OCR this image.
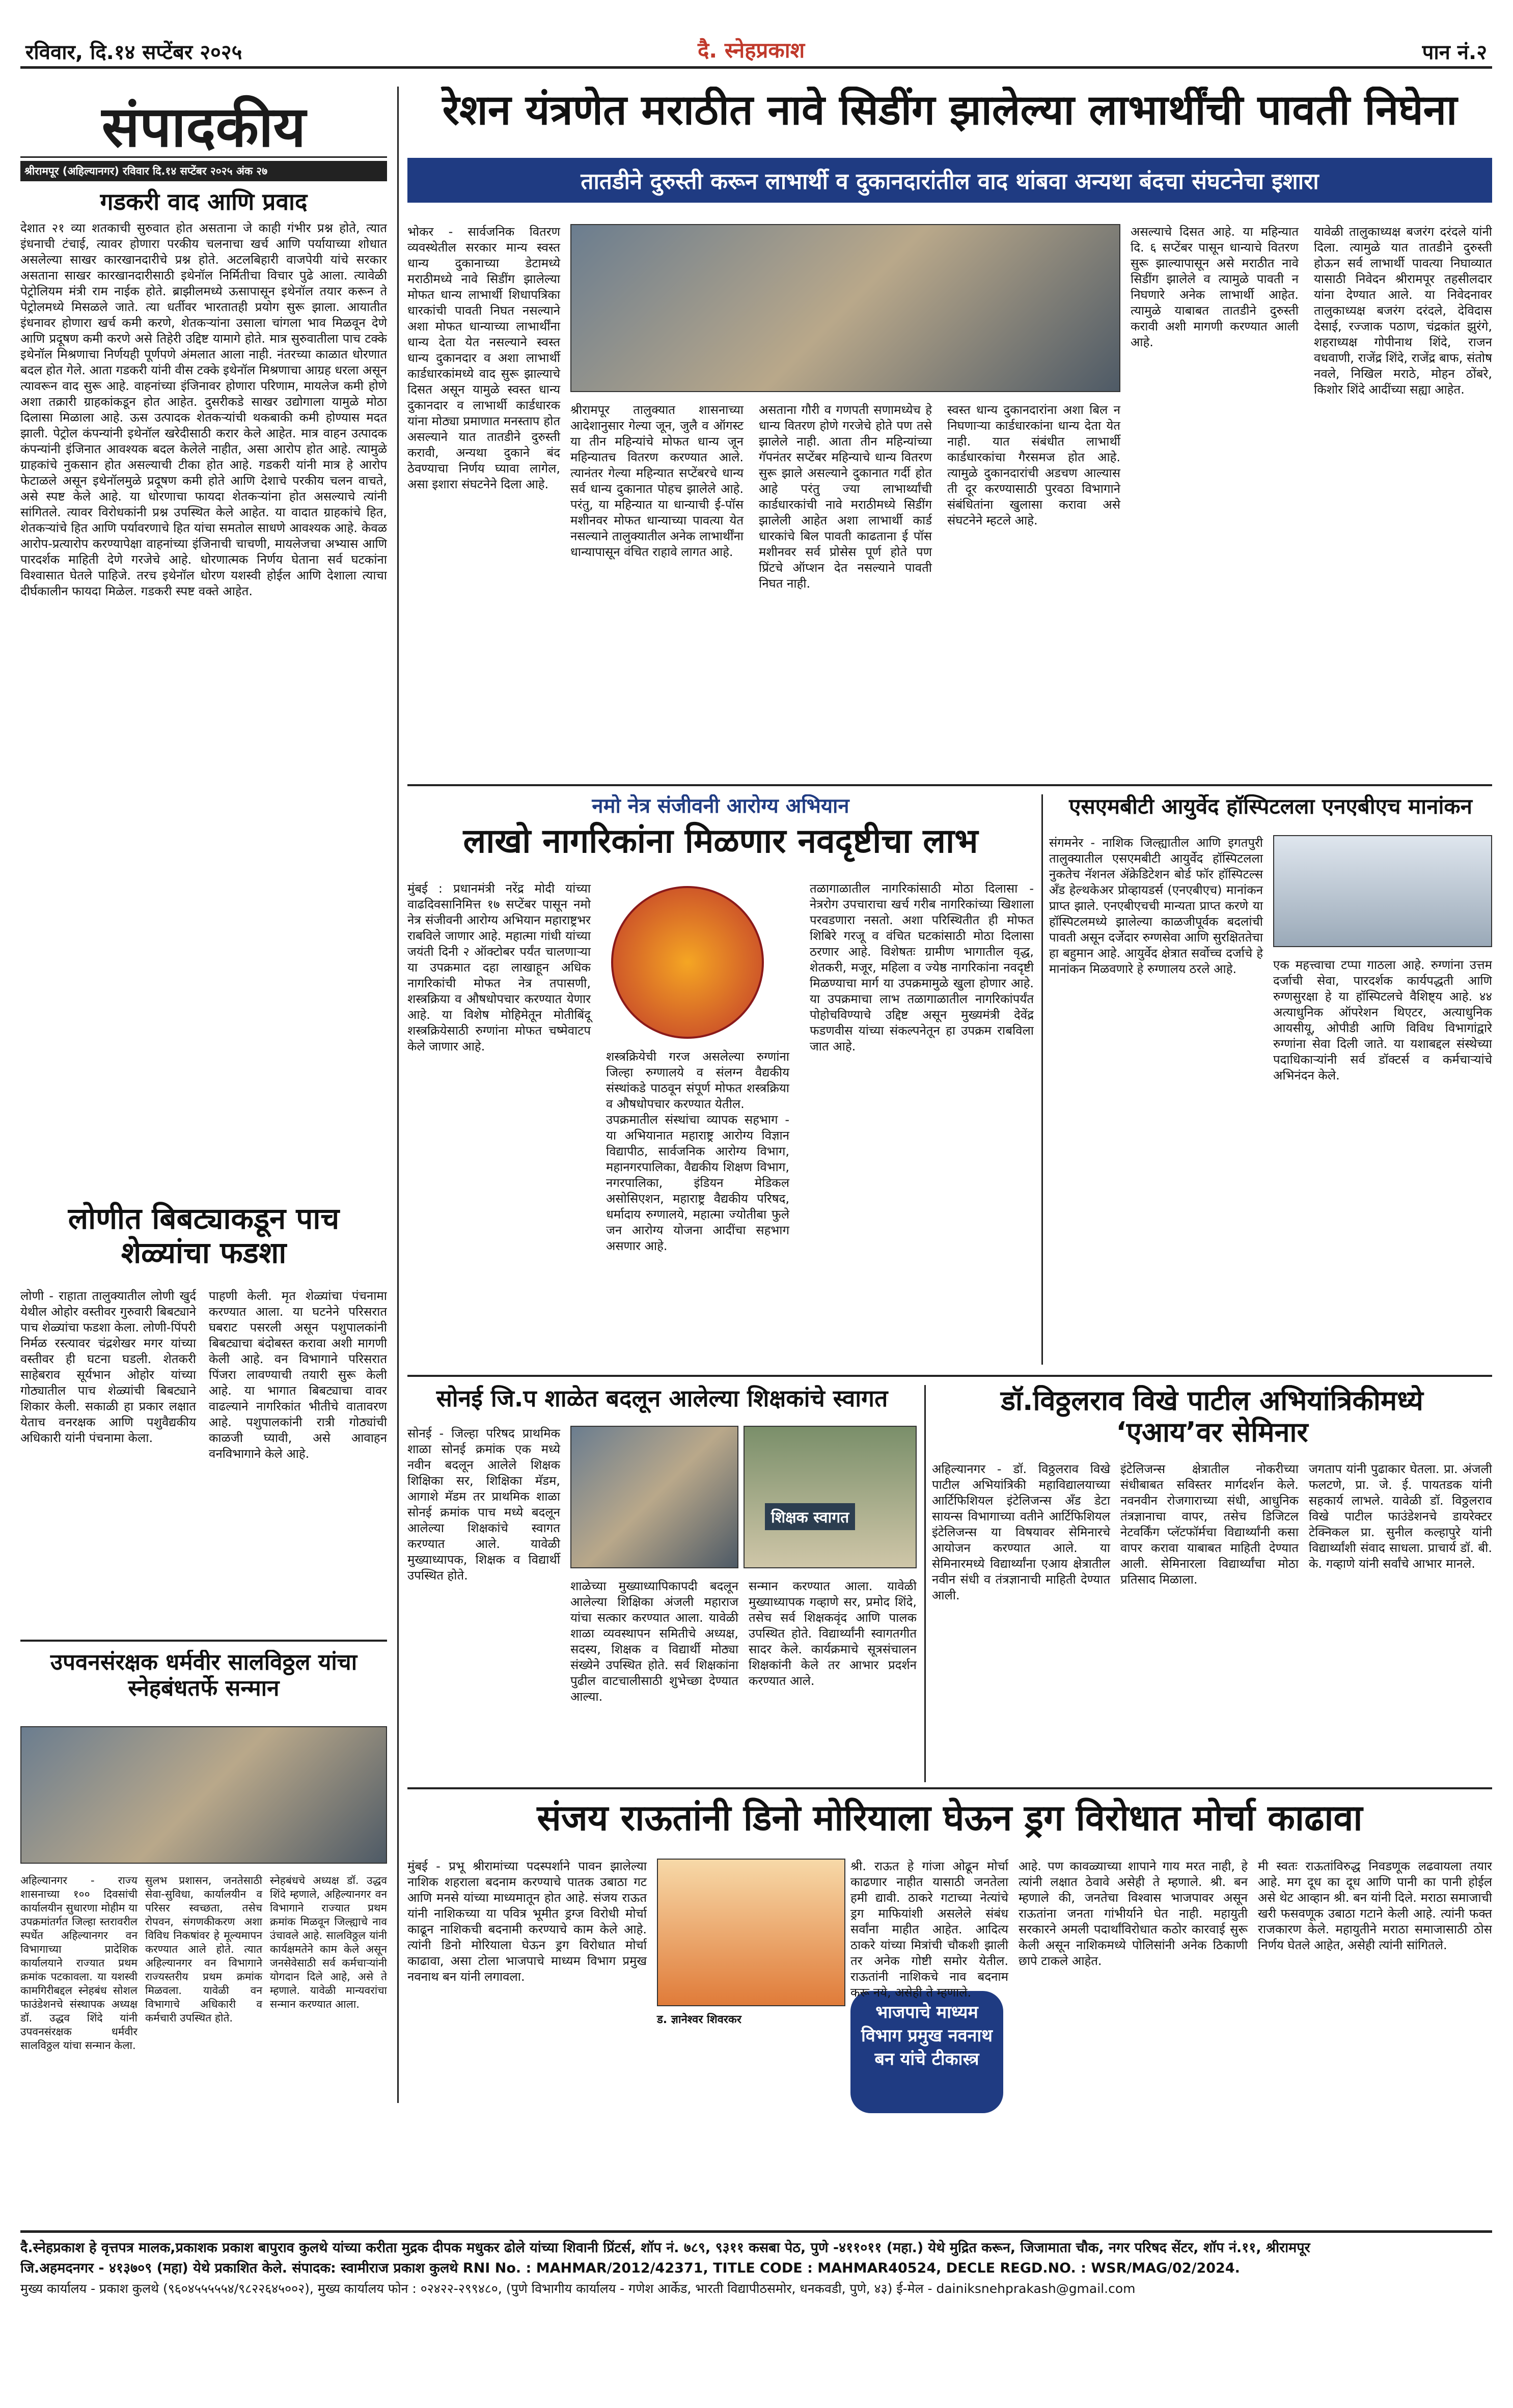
रविवार, दि.१४ सप्टेंबर २०२५	दै. स्नेहप्रकाश	पान नं.२
संपादकीय
श्रीरामपूर (अहिल्यानगर) रविवार दि.१४ सप्टेंबर २०२५ अंक २७
गडकरी वाद आणि प्रवाद
देशात २१ व्या शतकाची सुरुवात होत असताना जे काही गंभीर प्रश्न होते, त्यात इंधनाची टंचाई, त्यावर होणारा परकीय चलनाचा खर्च आणि पर्यायाच्या शोधात असलेल्या साखर कारखानदारीचे प्रश्न होते. अटलबिहारी वाजपेयी यांचे सरकार असताना साखर कारखानदारीसाठी इथेनॉल निर्मितीचा विचार पुढे आला. त्यावेळी पेट्रोलियम मंत्री राम नाईक होते. ब्राझीलमध्ये ऊसापासून इथेनॉल तयार करून ते पेट्रोलमध्ये मिसळले जाते. त्या धर्तीवर भारतातही प्रयोग सुरू झाला. आयातीत इंधनावर होणारा खर्च कमी करणे, शेतकऱ्यांना उसाला चांगला भाव मिळवून देणे आणि प्रदूषण कमी करणे असे तिहेरी उद्दिष्ट यामागे होते. मात्र सुरुवातीला पाच टक्के इथेनॉल मिश्रणाचा निर्णयही पूर्णपणे अंमलात आला नाही. नंतरच्या काळात धोरणात बदल होत गेले. आता गडकरी यांनी वीस टक्के इथेनॉल मिश्रणाचा आग्रह धरला असून त्यावरून वाद सुरू आहे. वाहनांच्या इंजिनावर होणारा परिणाम, मायलेज कमी होणे अशा तक्रारी ग्राहकांकडून होत आहेत. दुसरीकडे साखर उद्योगाला यामुळे मोठा दिलासा मिळाला आहे. ऊस उत्पादक शेतकऱ्यांची थकबाकी कमी होण्यास मदत झाली. पेट्रोल कंपन्यांनी इथेनॉल खरेदीसाठी करार केले आहेत. मात्र वाहन उत्पादक कंपन्यांनी इंजिनात आवश्यक बदल केलेले नाहीत, असा आरोप होत आहे. त्यामुळे ग्राहकांचे नुकसान होत असल्याची टीका होत आहे. गडकरी यांनी मात्र हे आरोप फेटाळले असून इथेनॉलमुळे प्रदूषण कमी होते आणि देशाचे परकीय चलन वाचते, असे स्पष्ट केले आहे. या धोरणाचा फायदा शेतकऱ्यांना होत असल्याचे त्यांनी सांगितले. त्यावर विरोधकांनी प्रश्न उपस्थित केले आहेत. या वादात ग्राहकांचे हित, शेतकऱ्यांचे हित आणि पर्यावरणाचे हित यांचा समतोल साधणे आवश्यक आहे. केवळ आरोप-प्रत्यारोप करण्यापेक्षा वाहनांच्या इंजिनाची चाचणी, मायलेजचा अभ्यास आणि पारदर्शक माहिती देणे गरजेचे आहे. धोरणात्मक निर्णय घेताना सर्व घटकांना विश्वासात घेतले पाहिजे. तरच इथेनॉल धोरण यशस्वी होईल आणि देशाला त्याचा दीर्घकालीन फायदा मिळेल. गडकरी स्पष्ट वक्ते आहेत.
रेशन यंत्रणेत मराठीत नावे सिडींग झालेल्या लाभार्थींची पावती निघेना
तातडीने दुरुस्ती करून लाभार्थी व दुकानदारांतील वाद थांबवा अन्यथा बंदचा संघटनेचा इशारा
भोकर - सार्वजनिक वितरण व्यवस्थेतील सरकार मान्य स्वस्त धान्य दुकानाच्या डेटामध्ये मराठीमध्ये नावे सिडींग झालेल्या मोफत धान्य लाभार्थी शिधापत्रिका धारकांची पावती निघत नसल्याने अशा मोफत धान्याच्या लाभार्थींना धान्य देता येत नसल्याने स्वस्त धान्य दुकानदार व अशा लाभार्थी कार्डधारकांमध्ये वाद सुरू झाल्याचे दिसत असून यामुळे स्वस्त धान्य दुकानदार व लाभार्थी कार्डधारक यांना मोठ्या प्रमाणात मनस्ताप होत असल्याने यात तातडीने दुरुस्ती करावी, अन्यथा दुकाने बंद ठेवण्याचा निर्णय घ्यावा लागेल, असा इशारा संघटनेने दिला आहे.
श्रीरामपूर तालुक्यात शासनाच्या आदेशानुसार गेल्या जून, जुलै व ऑगस्ट या तीन महिन्यांचे मोफत धान्य जून महिन्यातच वितरण करण्यात आले. त्यानंतर गेल्या महिन्यात सप्टेंबरचे धान्य सर्व धान्य दुकानात पोहच झालेले आहे. परंतु, या महिन्यात या धान्याची ई-पॉस मशीनवर मोफत धान्याच्या पावत्या येत नसल्याने तालुक्यातील अनेक लाभार्थींना धान्यापासून वंचित राहावे लागत आहे.
असताना गौरी व गणपती सणामध्येच हे धान्य वितरण होणे गरजेचे होते पण तसे झालेले नाही. आता तीन महिन्यांच्या गॅपनंतर सप्टेंबर महिन्याचे धान्य वितरण सुरू झाले असल्याने दुकानात गर्दी होत आहे परंतु ज्या लाभार्थ्यांची कार्डधारकांची नावे मराठीमध्ये सिडींग झालेली आहेत अशा लाभार्थी कार्ड धारकांचे बिल पावती काढताना ई पॉस मशीनवर सर्व प्रोसेस पूर्ण होते पण प्रिंटचे ऑप्शन देत नसल्याने पावती निघत नाही.
स्वस्त धान्य दुकानदारांना अशा बिल न निघणाऱ्या कार्डधारकांना धान्य देता येत नाही. यात संबंधीत लाभार्थी कार्डधारकांचा गैरसमज होत आहे. त्यामुळे दुकानदारांची अडचण आल्यास ती दूर करण्यासाठी पुरवठा विभागाने संबंधितांना खुलासा करावा असे संघटनेने म्हटले आहे.
असल्याचे दिसत आहे. या महिन्यात दि. ६ सप्टेंबर पासून धान्याचे वितरण सुरू झाल्यापासून असे मराठीत नावे सिडींग झालेले व त्यामुळे पावती न निघणारे अनेक लाभार्थी आहेत. त्यामुळे याबाबत तातडीने दुरुस्ती करावी अशी मागणी करण्यात आली आहे.
यावेळी तालुकाध्यक्ष बजरंग दरंदले यांनी दिला. त्यामुळे यात तातडीने दुरुस्ती होऊन सर्व लाभार्थी पावत्या निघाव्यात यासाठी निवेदन श्रीरामपूर तहसीलदार यांना देण्यात आले. या निवेदनावर तालुकाध्यक्ष बजरंग दरंदले, देविदास देसाई, रज्जाक पठाण, चंद्रकांत झुरंगे, शहराध्यक्ष गोपीनाथ शिंदे, राजन वधवाणी, राजेंद्र शिंदे, राजेंद्र बाफ, संतोष नवले, निखिल मराठे, मोहन ठोंबरे, किशोर शिंदे आदींच्या सह्या आहेत.
नमो नेत्र संजीवनी आरोग्य अभियान
लाखो नागरिकांना मिळणार नवदृष्टीचा लाभ
मुंबई : प्रधानमंत्री नरेंद्र मोदी यांच्या वाढदिवसानिमित्त १७ सप्टेंबर पासून नमो नेत्र संजीवनी आरोग्य अभियान महाराष्ट्रभर राबविले जाणार आहे. महात्मा गांधी यांच्या जयंती दिनी २ ऑक्टोबर पर्यंत चालणाऱ्या या उपक्रमात दहा लाखाहून अधिक नागरिकांची मोफत नेत्र तपासणी, शस्त्रक्रिया व औषधोपचार करण्यात येणार आहे. या विशेष मोहिमेतून मोतीबिंदू शस्त्रक्रियेसाठी रुग्णांना मोफत चष्मेवाटप केले जाणार आहे.
शस्त्रक्रियेची गरज असलेल्या रुग्णांना जिल्हा रुग्णालये व संलग्न वैद्यकीय संस्थांकडे पाठवून संपूर्ण मोफत शस्त्रक्रिया व औषधोपचार करण्यात येतील.
उपक्रमातील संस्थांचा व्यापक सहभाग - या अभियानात महाराष्ट्र आरोग्य विज्ञान विद्यापीठ, सार्वजनिक आरोग्य विभाग, महानगरपालिका, वैद्यकीय शिक्षण विभाग, नगरपालिका, इंडियन मेडिकल असोसिएशन, महाराष्ट्र वैद्यकीय परिषद, धर्मादाय रुग्णालये, महात्मा ज्योतीबा फुले जन आरोग्य योजना आदींचा सहभाग असणार आहे.
तळागाळातील नागरिकांसाठी मोठा दिलासा - नेत्ररोग उपचाराचा खर्च गरीब नागरिकांच्या खिशाला परवडणारा नसतो. अशा परिस्थितीत ही मोफत शिबिरे गरजू व वंचित घटकांसाठी मोठा दिलासा ठरणार आहे. विशेषतः ग्रामीण भागातील वृद्ध, शेतकरी, मजूर, महिला व ज्येष्ठ नागरिकांना नवदृष्टी मिळण्याचा मार्ग या उपक्रमामुळे खुला होणार आहे. या उपक्रमाचा लाभ तळागाळातील नागरिकांपर्यंत पोहोचविण्याचे उद्दिष्ट असून मुख्यमंत्री देवेंद्र फडणवीस यांच्या संकल्पनेतून हा उपक्रम राबविला जात आहे.
एसएमबीटी आयुर्वेद हॉस्पिटलला एनएबीएच मानांकन
संगमनेर - नाशिक जिल्ह्यातील आणि इगतपुरी तालुक्यातील एसएमबीटी आयुर्वेद हॉस्पिटलला नुकतेच नॅशनल ॲक्रेडिटेशन बोर्ड फॉर हॉस्पिटल्स अँड हेल्थकेअर प्रोव्हायडर्स (एनएबीएच) मानांकन प्राप्त झाले. एनएबीएचची मान्यता प्राप्त करणे या हॉस्पिटलमध्ये झालेल्या काळजीपूर्वक बदलांची पावती असून दर्जेदार रुग्णसेवा आणि सुरक्षिततेचा हा बहुमान आहे. आयुर्वेद क्षेत्रात सर्वोच्च दर्जाचे हे मानांकन मिळवणारे हे रुग्णालय ठरले आहे.	एक महत्त्वाचा टप्पा गाठला आहे. रुग्णांना उत्तम दर्जाची सेवा, पारदर्शक कार्यपद्धती आणि रुग्णसुरक्षा हे या हॉस्पिटलचे वैशिष्ट्य आहे. ४४ अत्याधुनिक ऑपरेशन थिएटर, अत्याधुनिक आयसीयू, ओपीडी आणि विविध विभागांद्वारे रुग्णांना सेवा दिली जाते. या यशाबद्दल संस्थेच्या पदाधिकाऱ्यांनी सर्व डॉक्टर्स व कर्मचाऱ्यांचे अभिनंदन केले.
लोणीत बिबट्याकडून पाच शेळ्यांचा फडशा
लोणी - राहाता तालुक्यातील लोणी खुर्द येथील ओहोर वस्तीवर गुरुवारी बिबट्याने पाच शेळ्यांचा फडशा केला. लोणी-पिंपरी निर्मळ रस्त्यावर चंद्रशेखर मगर यांच्या वस्तीवर ही घटना घडली. शेतकरी साहेबराव सूर्यभान ओहोर यांच्या गोठ्यातील पाच शेळ्यांची बिबट्याने शिकार केली. सकाळी हा प्रकार लक्षात येताच वनरक्षक आणि पशुवैद्यकीय अधिकारी यांनी पंचनामा केला.
पाहणी केली. मृत शेळ्यांचा पंचनामा करण्यात आला. या घटनेने परिसरात घबराट पसरली असून पशुपालकांनी बिबट्याचा बंदोबस्त करावा अशी मागणी केली आहे. वन विभागाने परिसरात पिंजरा लावण्याची तयारी सुरू केली आहे. या भागात बिबट्याचा वावर वाढल्याने नागरिकांत भीतीचे वातावरण आहे. पशुपालकांनी रात्री गोठ्यांची काळजी घ्यावी, असे आवाहन वनविभागाने केले आहे.
उपवनसंरक्षक धर्मवीर सालविठ्ठल यांचा स्नेहबंधतर्फे सन्मान
अहिल्यानगर - राज्य शासनाच्या १०० दिवसांची कार्यालयीन सुधारणा मोहीम या उपक्रमांतर्गत जिल्हा स्तरावरील स्पर्धेत अहिल्यानगर वन विभागाच्या प्रादेशिक कार्यालयाने राज्यात प्रथम क्रमांक पटकावला. या यशस्वी कामगिरीबद्दल स्नेहबंध सोशल फाउंडेशनचे संस्थापक अध्यक्ष डॉ. उद्धव शिंदे यांनी उपवनसंरक्षक धर्मवीर सालविठ्ठल यांचा सन्मान केला.
सुलभ प्रशासन, जनतेसाठी सेवा-सुविधा, कार्यालयीन व परिसर स्वच्छता, तसेच रोपवन, संगणकीकरण अशा विविध निकषांवर हे मूल्यमापन करण्यात आले होते. त्यात अहिल्यानगर वन विभागाने राज्यस्तरीय प्रथम क्रमांक मिळवला. यावेळी वन विभागाचे अधिकारी व कर्मचारी उपस्थित होते.
स्नेहबंधचे अध्यक्ष डॉ. उद्धव शिंदे म्हणाले, अहिल्यानगर वन विभागाने राज्यात प्रथम क्रमांक मिळवून जिल्ह्याचे नाव उंचावले आहे. सालविठ्ठल यांनी कार्यक्षमतेने काम केले असून जनसेवेसाठी सर्व कर्मचाऱ्यांनी योगदान दिले आहे, असे ते म्हणाले. यावेळी मान्यवरांचा सन्मान करण्यात आला.
सोनई जि.प शाळेत बदलून आलेल्या शिक्षकांचे स्वागत
सोनई - जिल्हा परिषद प्राथमिक शाळा सोनई क्रमांक एक मध्ये नवीन बदलून आलेले शिक्षक शिक्षिका सर, शिक्षिका मॅडम, आगाशे मॅडम तर प्राथमिक शाळा सोनई क्रमांक पाच मध्ये बदलून आलेल्या शिक्षकांचे स्वागत करण्यात आले. यावेळी मुख्याध्यापक, शिक्षक व विद्यार्थी उपस्थित होते.
शिक्षक स्वागत
शाळेच्या मुख्याध्यापिकापदी बदलून आलेल्या शिक्षिका अंजली महाराज यांचा सत्कार करण्यात आला. यावेळी शाळा व्यवस्थापन समितीचे अध्यक्ष, सदस्य, शिक्षक व विद्यार्थी मोठ्या संख्येने उपस्थित होते. सर्व शिक्षकांना पुढील वाटचालीसाठी शुभेच्छा देण्यात आल्या.
सन्मान करण्यात आला. यावेळी मुख्याध्यापक गव्हाणे सर, प्रमोद शिंदे, तसेच सर्व शिक्षकवृंद आणि पालक उपस्थित होते. विद्यार्थ्यांनी स्वागतगीत सादर केले. कार्यक्रमाचे सूत्रसंचालन शिक्षकांनी केले तर आभार प्रदर्शन करण्यात आले.
डॉ.विठ्ठलराव विखे पाटील अभियांत्रिकीमध्ये ‘एआय’वर सेमिनार
अहिल्यानगर - डॉ. विठ्ठलराव विखे पाटील अभियांत्रिकी महाविद्यालयाच्या आर्टिफिशियल इंटेलिजन्स अँड डेटा सायन्स विभागाच्या वतीने आर्टिफिशियल इंटेलिजन्स या विषयावर सेमिनारचे आयोजन करण्यात आले. या सेमिनारमध्ये विद्यार्थ्यांना एआय क्षेत्रातील नवीन संधी व तंत्रज्ञानाची माहिती देण्यात आली.
इंटेलिजन्स क्षेत्रातील नोकरीच्या संधीबाबत सविस्तर मार्गदर्शन केले. नवनवीन रोजगाराच्या संधी, आधुनिक तंत्रज्ञानाचा वापर, तसेच डिजिटल नेटवर्किंग प्लॅटफॉर्मचा विद्यार्थ्यांनी कसा वापर करावा याबाबत माहिती देण्यात आली. सेमिनारला विद्यार्थ्यांचा मोठा प्रतिसाद मिळाला.
जगताप यांनी पुढाकार घेतला. प्रा. अंजली फलटणे, प्रा. जे. ई. पायतडक यांनी सहकार्य लाभले. यावेळी डॉ. विठ्ठलराव विखे पाटील फाउंडेशनचे डायरेक्टर टेक्निकल प्रा. सुनील कल्हापुरे यांनी विद्यार्थ्यांशी संवाद साधला. प्राचार्य डॉ. बी. के. गव्हाणे यांनी सर्वांचे आभार मानले.
संजय राऊतांनी डिनो मोरियाला घेऊन ड्रग विरोधात मोर्चा काढावा
मुंबई - प्रभू श्रीरामांच्या पदस्पर्शाने पावन झालेल्या नाशिक शहराला बदनाम करण्याचे पातक उबाठा गट आणि मनसे यांच्या माध्यमातून होत आहे. संजय राऊत यांनी नाशिकच्या या पवित्र भूमीत ड्रग्ज विरोधी मोर्चा काढून नाशिकची बदनामी करण्याचे काम केले आहे. त्यांनी डिनो मोरियाला घेऊन ड्रग विरोधात मोर्चा काढावा, असा टोला भाजपाचे माध्यम विभाग प्रमुख नवनाथ बन यांनी लगावला.
ड. ज्ञानेश्वर शिवरकर	भाजपाचे माध्यम विभाग प्रमुख नवनाथ बन यांचे टीकास्त्र
श्री. राऊत हे गांजा ओढून मोर्चा काढणार नाहीत यासाठी जनतेला हमी द्यावी. ठाकरे गटाच्या नेत्यांचे ड्रग माफियांशी असलेले संबंध सर्वांना माहीत आहेत. आदित्य ठाकरे यांच्या मित्रांची चौकशी झाली तर अनेक गोष्टी समोर येतील. राऊतांनी नाशिकचे नाव बदनाम करू नये, असेही ते म्हणाले.
आहे. पण कावळ्याच्या शापाने गाय मरत नाही, हे त्यांनी लक्षात ठेवावे असेही ते म्हणाले. श्री. बन म्हणाले की, जनतेचा विश्वास भाजपावर असून राऊतांना जनता गांभीर्याने घेत नाही. महायुती सरकारने अमली पदार्थांविरोधात कठोर कारवाई सुरू केली असून नाशिकमध्ये पोलिसांनी अनेक ठिकाणी छापे टाकले आहेत.
मी स्वतः राऊतांविरुद्ध निवडणूक लढवायला तयार आहे. मग दूध का दूध आणि पानी का पानी होईल असे थेट आव्हान श्री. बन यांनी दिले. मराठा समाजाची खरी फसवणूक उबाठा गटाने केली आहे. त्यांनी फक्त राजकारण केले. महायुतीने मराठा समाजासाठी ठोस निर्णय घेतले आहेत, असेही त्यांनी सांगितले.
दै.स्नेहप्रकाश हे वृत्तपत्र मालक,प्रकाशक प्रकाश बापुराव कुलथे यांच्या करीता मुद्रक दीपक मधुकर ढोले यांच्या शिवानी प्रिंटर्स, शॉप नं. ७८९, ९३११ कसबा पेठ, पुणे -४११०११ (महा.) येथे मुद्रित करून, जिजामाता चौक, नगर परिषद सेंटर, शॉप नं.११, श्रीरामपूर
जि.अहमदनगर - ४१३७०९ (महा) येथे प्रकाशित केले. संपादक: स्वामीराज प्रकाश कुलथे RNI No. : MAHMAR/2012/42371, TITLE CODE : MAHMAR40524, DECLE REGD.NO. : WSR/MAG/02/2024.
मुख्य कार्यालय - प्रकाश कुलथे (९६०४५५५५५४/९८२२६४५००२), मुख्य कार्यालय फोन : ०२४२२-२९९४८०, (पुणे विभागीय कार्यालय - गणेश आर्केड, भारती विद्यापीठसमोर, धनकवडी, पुणे, ४३) ई-मेल - dainiksnehprakash@gmail.com
